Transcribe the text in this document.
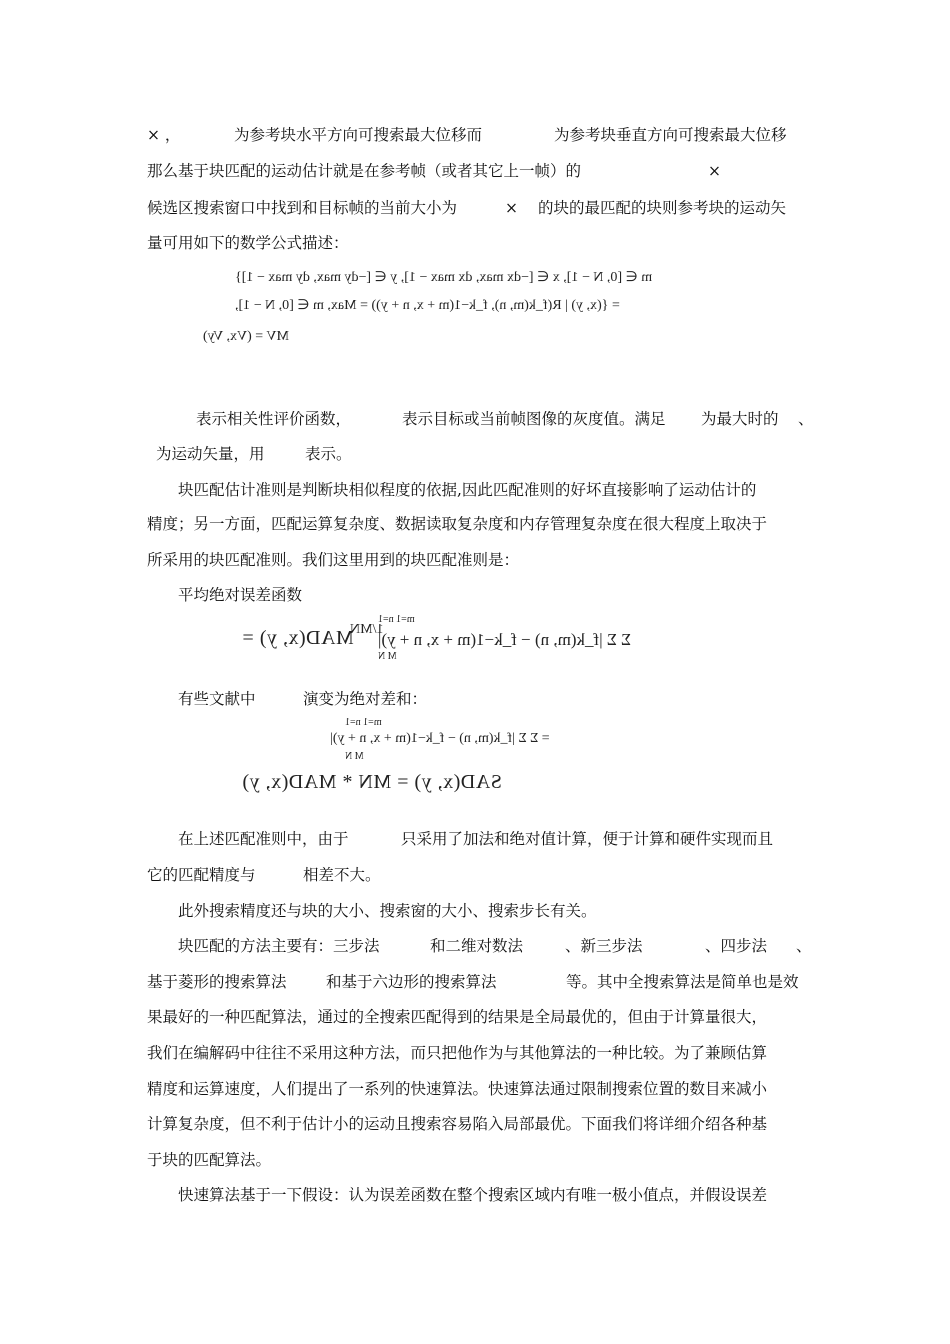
× ，	为参考块水平方向可搜索最大位移而	为参考块垂直方向可搜索最大位移
那么基于块匹配的运动估计就是在参考帧（或者其它上一帧）的	×
候选区搜索窗口中找到和目标帧的当前大小为	× 的块的最匹配的块则参考块的运动矢
量可用如下的数学公式描述：
m ∈ [0, N − 1], x ∈ [−dx max, dx max − 1], y ∈ [−dy max, dy max − 1]}
= {(x, y) | R(f_k(m, n), f_k−1(m + x, n + y)) = Max, m ∈ [0, N − 1],
MV = (Vx, Vy)
表示相关性评价函数，	表示目标或当前帧图像的灰度值。满足 为最大时的 、
为运动矢量，用	表示。
块匹配估计准则是判断块相似程度的依据,因此匹配准则的好坏直接影响了运动估计的
精度；另一方面，匹配运算复杂度、数据读取复杂度和内存管理复杂度在很大程度上取决于
所采用的块匹配准则。我们这里用到的块匹配准则是：
平均绝对误差函数
m=1 n=1
MAD(x, y) =
1/MN
Σ Σ |f_k(m, n) − f_k−1(m + x, n + y)|
M N
有些文献中	演变为绝对差和：
m=1 n=1
= Σ Σ |f_k(m, n) − f_k−1(m + x, n + y)|
M N
SAD(x, y) = MN * MAD(x, y)
在上述匹配准则中，由于	只采用了加法和绝对值计算，便于计算和硬件实现而且
它的匹配精度与	相差不大。
此外搜索精度还与块的大小、搜索窗的大小、搜索步长有关。
块匹配的方法主要有：三步法	和二维对数法	、新三步法	、四步法 、
基于菱形的搜索算法	和基于六边形的搜索算法	等。其中全搜索算法是简单也是效
果最好的一种匹配算法，通过的全搜索匹配得到的结果是全局最优的，但由于计算量很大，
我们在编解码中往往不采用这种方法，而只把他作为与其他算法的一种比较。为了兼顾估算
精度和运算速度，人们提出了一系列的快速算法。快速算法通过限制搜索位置的数目来减小
计算复杂度，但不利于估计小的运动且搜索容易陷入局部最优。下面我们将详细介绍各种基
于块的匹配算法。
快速算法基于一下假设：认为误差函数在整个搜索区域内有唯一极小值点，并假设误差
